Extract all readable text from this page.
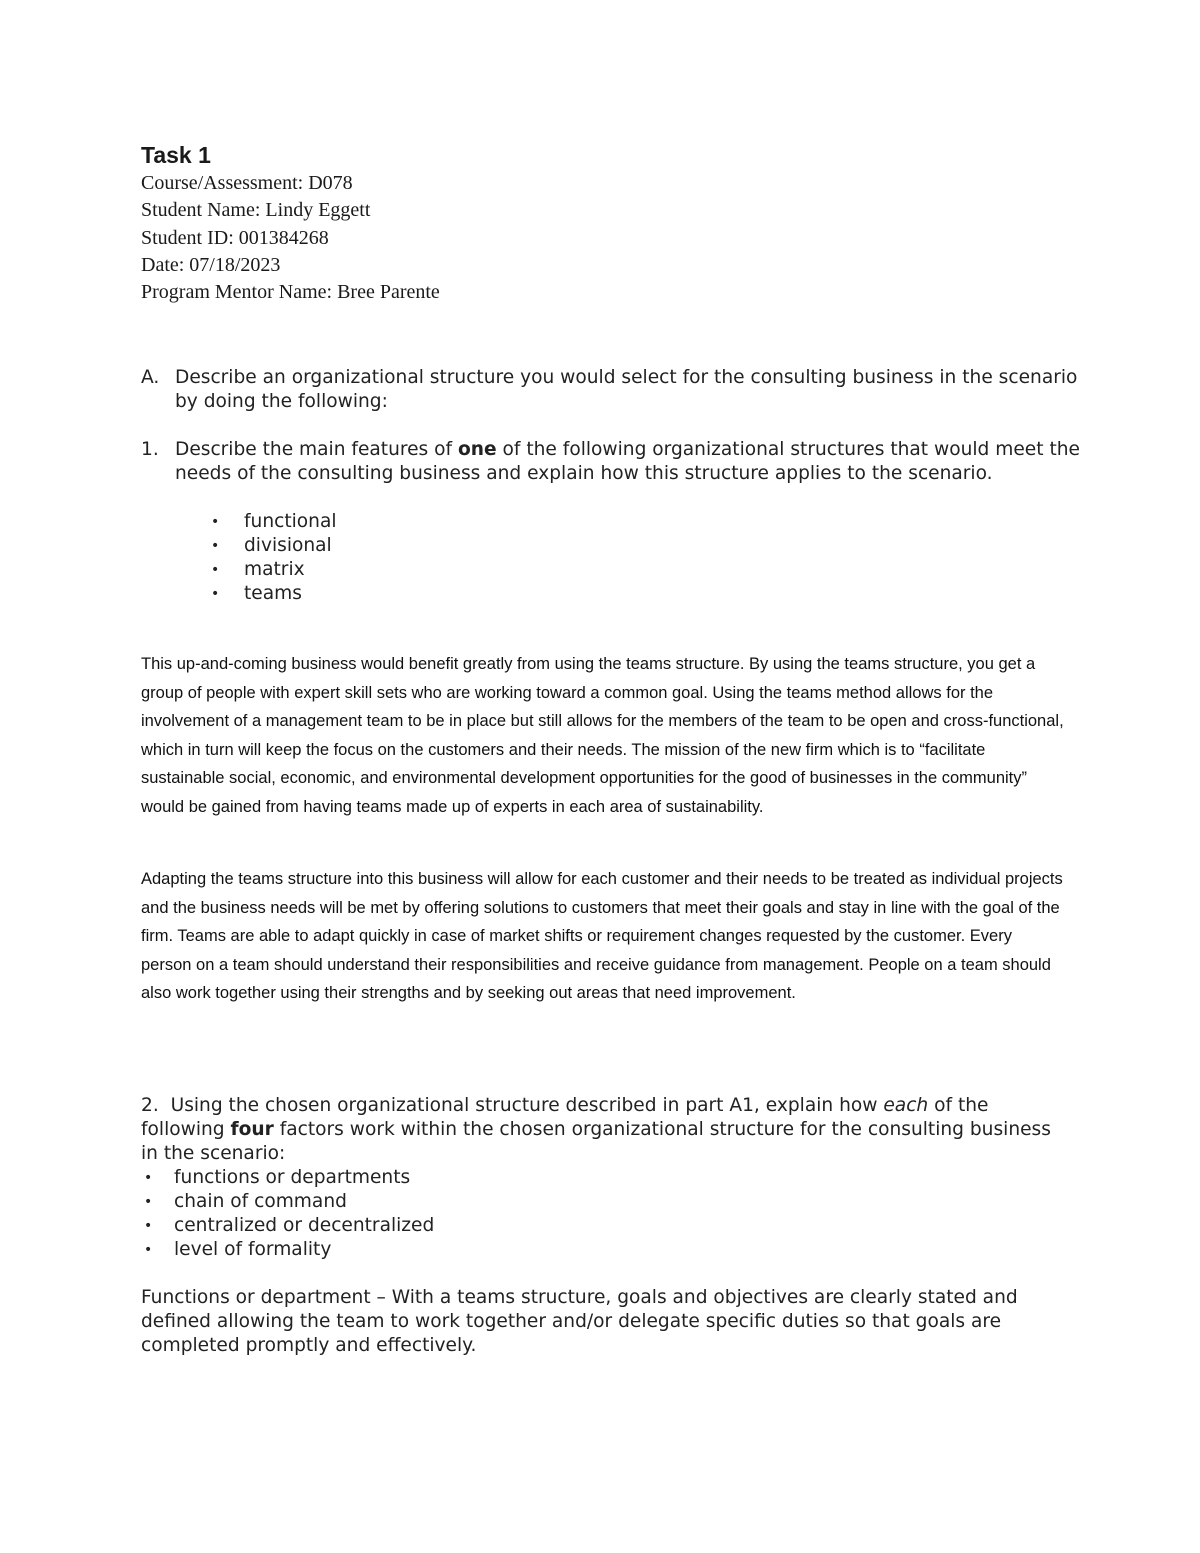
Task 1
Course/Assessment: D078
Student Name: Lindy Eggett
Student ID: 001384268
Date: 07/18/2023
Program Mentor Name: Bree Parente
A. Describe an organizational structure you would select for the consulting business in the scenario by doing the following:
1. Describe the main features of one of the following organizational structures that would meet the needs of the consulting business and explain how this structure applies to the scenario.
• functional
• divisional
• matrix
• teams

This up-and-coming business would benefit greatly from using the teams structure. By using the teams structure, you get a group of people with expert skill sets who are working toward a common goal. Using the teams method allows for the involvement of a management team to be in place but still allows for the members of the team to be open and cross-functional, which in turn will keep the focus on the customers and their needs. The mission of the new firm which is to “facilitate sustainable social, economic, and environmental development opportunities for the good of businesses in the community” would be gained from having teams made up of experts in each area of sustainability.

Adapting the teams structure into this business will allow for each customer and their needs to be treated as individual projects and the business needs will be met by offering solutions to customers that meet their goals and stay in line with the goal of the firm. Teams are able to adapt quickly in case of market shifts or requirement changes requested by the customer. Every person on a team should understand their responsibilities and receive guidance from management. People on a team should also work together using their strengths and by seeking out areas that need improvement.

2. Using the chosen organizational structure described in part A1, explain how each of thefollowing four factors work within the chosen organizational structure for the consulting business in the scenario:
• functions or departments
• chain of command
• centralized or decentralized
• level of formality

Functions or department – With a teams structure, goals and objectives are clearly stated and defined allowing the team to work together and/or delegate specific duties so that goals are completed promptly and effectively.
